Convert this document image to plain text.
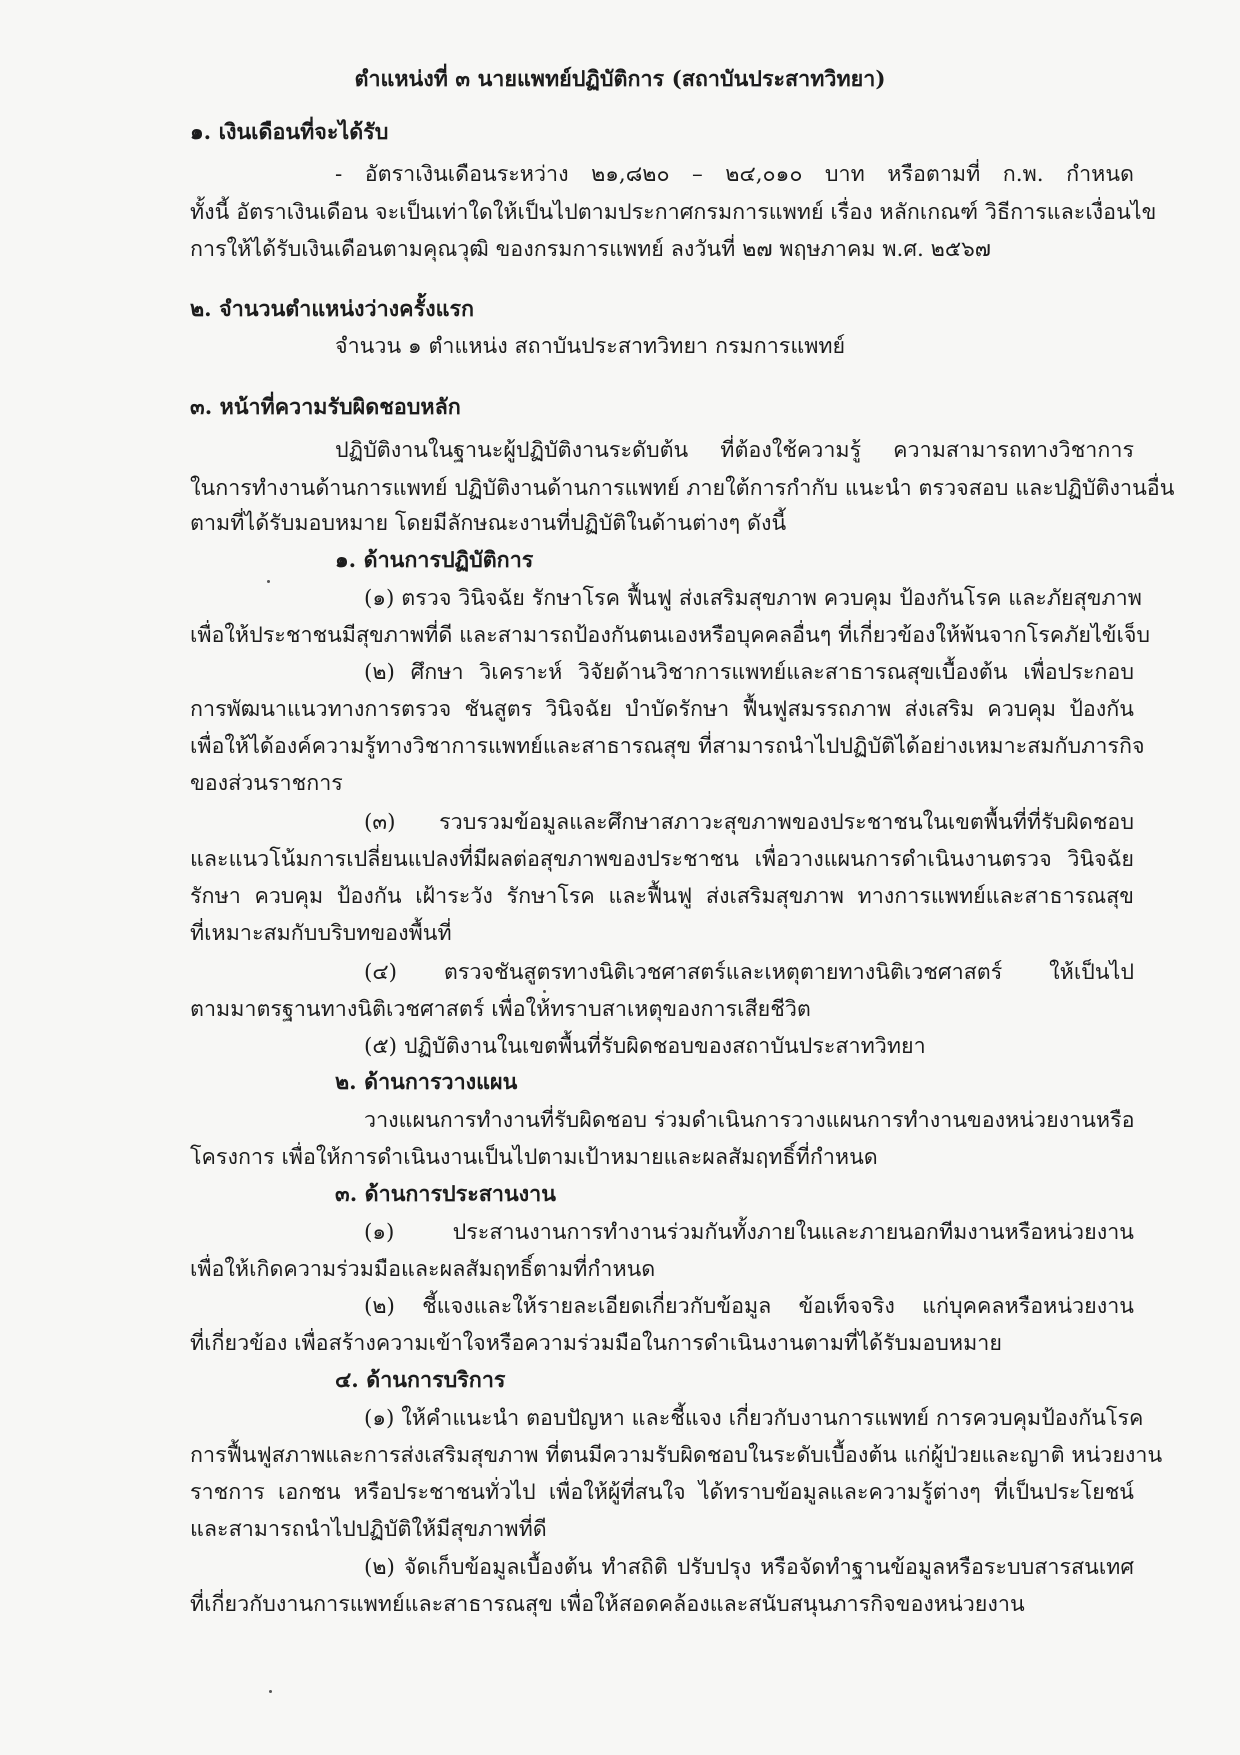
ตำแหน่งที่ ๓ นายแพทย์ปฏิบัติการ (สถาบันประสาทวิทยา)

๑. เงินเดือนที่จะได้รับ

- อัตราเงินเดือนระหว่าง ๒๑,๘๒๐ – ๒๔,๐๑๐ บาท หรือตามที่ ก.พ. กำหนด

ทั้งนี้ อัตราเงินเดือน จะเป็นเท่าใดให้เป็นไปตามประกาศกรมการแพทย์ เรื่อง หลักเกณฑ์ วิธีการและเงื่อนไข

การให้ได้รับเงินเดือนตามคุณวุฒิ ของกรมการแพทย์ ลงวันที่ ๒๗ พฤษภาคม พ.ศ. ๒๕๖๗

๒. จำนวนตำแหน่งว่างครั้งแรก

จำนวน ๑ ตำแหน่ง สถาบันประสาทวิทยา กรมการแพทย์

๓. หน้าที่ความรับผิดชอบหลัก

ปฏิบัติงานในฐานะผู้ปฏิบัติงานระดับต้น ที่ต้องใช้ความรู้ ความสามารถทางวิชาการ

ในการทำงานด้านการแพทย์ ปฏิบัติงานด้านการแพทย์ ภายใต้การกำกับ แนะนำ ตรวจสอบ และปฏิบัติงานอื่น

ตามที่ได้รับมอบหมาย โดยมีลักษณะงานที่ปฏิบัติในด้านต่างๆ ดังนี้

๑. ด้านการปฏิบัติการ

(๑) ตรวจ วินิจฉัย รักษาโรค ฟื้นฟู ส่งเสริมสุขภาพ ควบคุม ป้องกันโรค และภัยสุขภาพ

เพื่อให้ประชาชนมีสุขภาพที่ดี และสามารถป้องกันตนเองหรือบุคคลอื่นๆ ที่เกี่ยวข้องให้พ้นจากโรคภัยไข้เจ็บ

(๒) ศึกษา วิเคราะห์ วิจัยด้านวิชาการแพทย์และสาธารณสุขเบื้องต้น เพื่อประกอบ

การพัฒนาแนวทางการตรวจ ชันสูตร วินิจฉัย บำบัดรักษา ฟื้นฟูสมรรถภาพ ส่งเสริม ควบคุม ป้องกัน

เพื่อให้ได้องค์ความรู้ทางวิชาการแพทย์และสาธารณสุข ที่สามารถนำไปปฏิบัติได้อย่างเหมาะสมกับภารกิจ

ของส่วนราชการ

(๓) รวบรวมข้อมูลและศึกษาสภาวะสุขภาพของประชาชนในเขตพื้นที่ที่รับผิดชอบ

และแนวโน้มการเปลี่ยนแปลงที่มีผลต่อสุขภาพของประชาชน เพื่อวางแผนการดำเนินงานตรวจ วินิจฉัย

รักษา ควบคุม ป้องกัน เฝ้าระวัง รักษาโรค และฟื้นฟู ส่งเสริมสุขภาพ ทางการแพทย์และสาธารณสุข

ที่เหมาะสมกับบริบทของพื้นที่

(๔) ตรวจชันสูตรทางนิติเวชศาสตร์และเหตุตายทางนิติเวชศาสตร์ ให้เป็นไป

ตามมาตรฐานทางนิติเวชศาสตร์ เพื่อให้ทราบสาเหตุของการเสียชีวิต

(๕) ปฏิบัติงานในเขตพื้นที่รับผิดชอบของสถาบันประสาทวิทยา

๒. ด้านการวางแผน

วางแผนการทำงานที่รับผิดชอบ ร่วมดำเนินการวางแผนการทำงานของหน่วยงานหรือ

โครงการ เพื่อให้การดำเนินงานเป็นไปตามเป้าหมายและผลสัมฤทธิ์ที่กำหนด

๓. ด้านการประสานงาน

(๑) ประสานงานการทำงานร่วมกันทั้งภายในและภายนอกทีมงานหรือหน่วยงาน

เพื่อให้เกิดความร่วมมือและผลสัมฤทธิ์ตามที่กำหนด

(๒) ชี้แจงและให้รายละเอียดเกี่ยวกับข้อมูล ข้อเท็จจริง แก่บุคคลหรือหน่วยงาน

ที่เกี่ยวข้อง เพื่อสร้างความเข้าใจหรือความร่วมมือในการดำเนินงานตามที่ได้รับมอบหมาย

๔. ด้านการบริการ

(๑) ให้คำแนะนำ ตอบปัญหา และชี้แจง เกี่ยวกับงานการแพทย์ การควบคุมป้องกันโรค

การฟื้นฟูสภาพและการส่งเสริมสุขภาพ ที่ตนมีความรับผิดชอบในระดับเบื้องต้น แก่ผู้ป่วยและญาติ หน่วยงาน

ราชการ เอกชน หรือประชาชนทั่วไป เพื่อให้ผู้ที่สนใจ ได้ทราบข้อมูลและความรู้ต่างๆ ที่เป็นประโยชน์

และสามารถนำไปปฏิบัติให้มีสุขภาพที่ดี

(๒) จัดเก็บข้อมูลเบื้องต้น ทำสถิติ ปรับปรุง หรือจัดทำฐานข้อมูลหรือระบบสารสนเทศ

ที่เกี่ยวกับงานการแพทย์และสาธารณสุข เพื่อให้สอดคล้องและสนับสนุนภารกิจของหน่วยงาน
